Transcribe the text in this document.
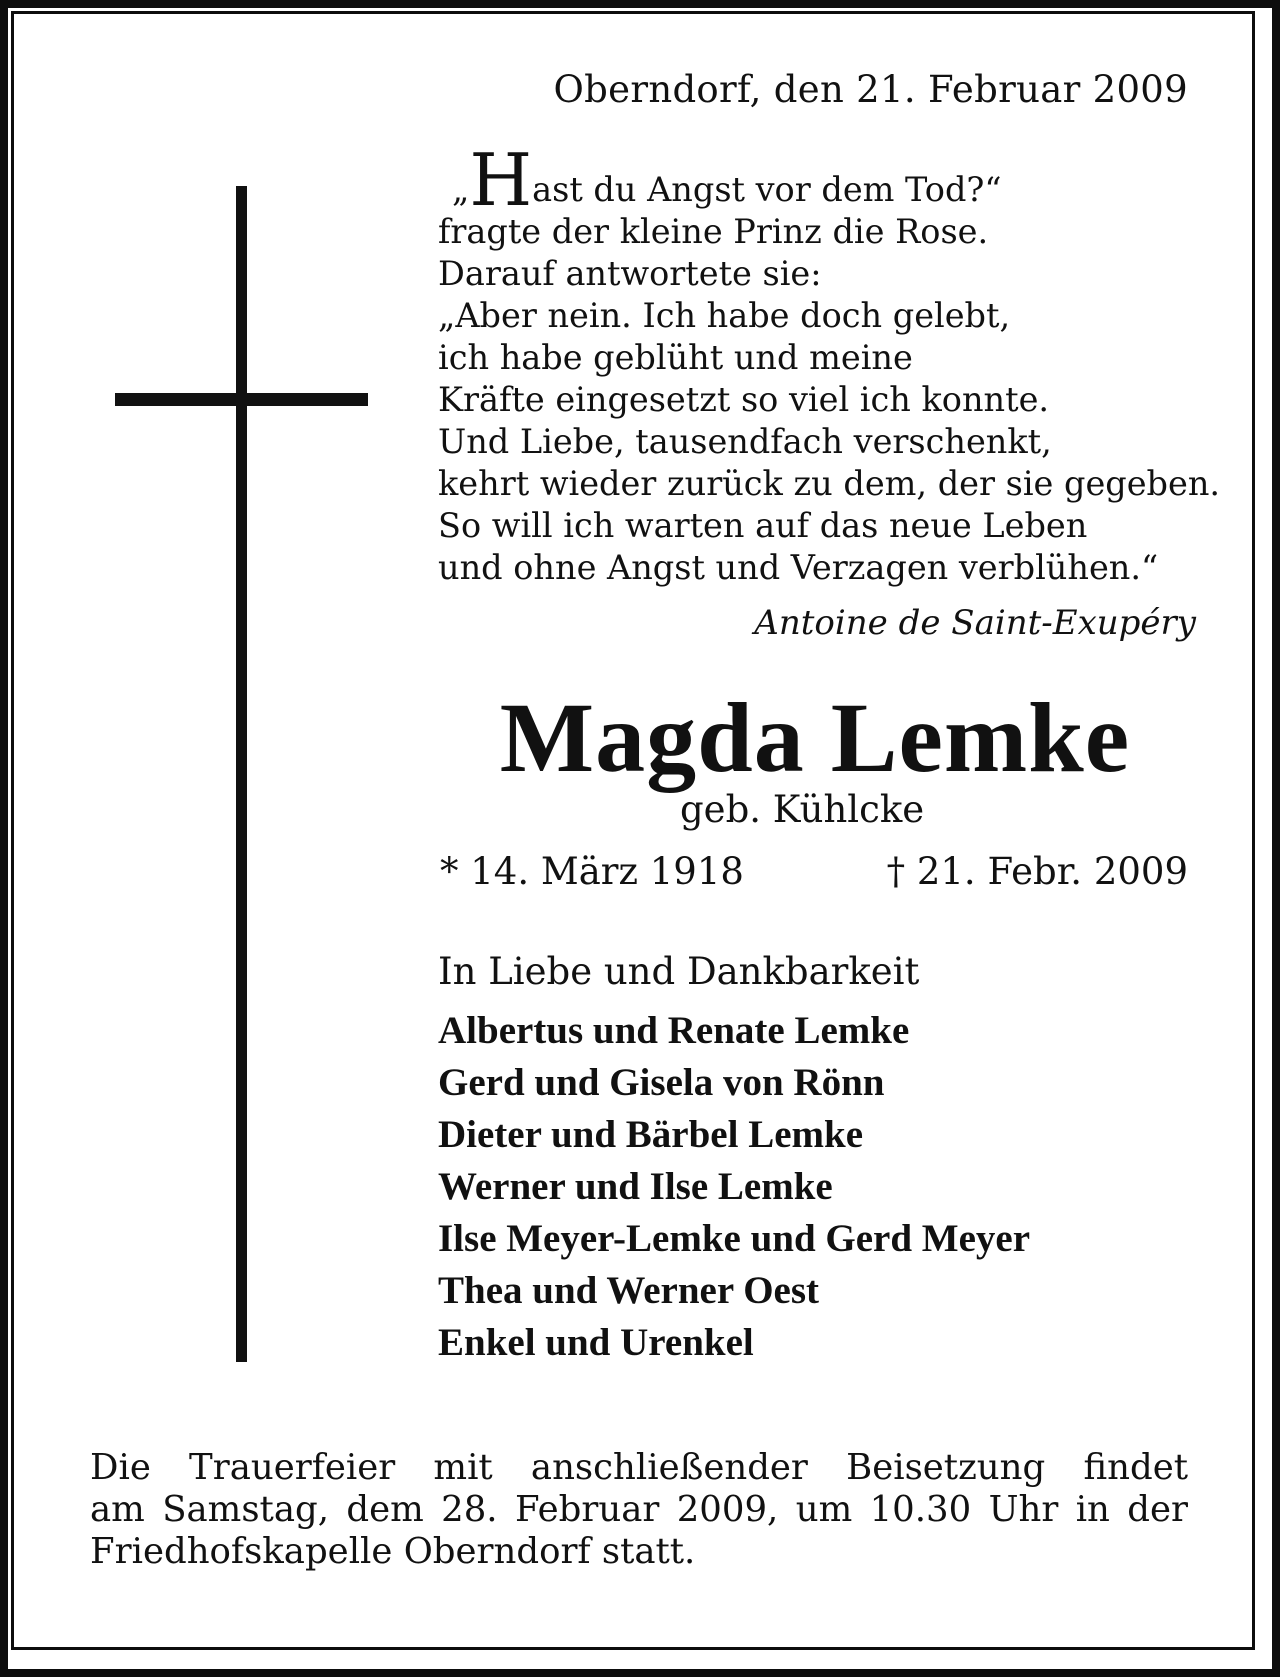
Oberndorf, den 21. Februar 2009
„Hast du Angst vor dem Tod?“
fragte der kleine Prinz die Rose.
Darauf antwortete sie:
„Aber nein. Ich habe doch gelebt,
ich habe geblüht und meine
Kräfte eingesetzt so viel ich konnte.
Und Liebe, tausendfach verschenkt,
kehrt wieder zurück zu dem, der sie gegeben.
So will ich warten auf das neue Leben
und ohne Angst und Verzagen verblühen.“
Antoine de Saint-Exupéry
Magda Lemke
geb. Kühlcke
* 14. März 1918	† 21. Febr. 2009
In Liebe und Dankbarkeit
Albertus und Renate Lemke
Gerd und Gisela von Rönn
Dieter und Bärbel Lemke
Werner und Ilse Lemke
Ilse Meyer-Lemke und Gerd Meyer
Thea und Werner Oest
Enkel und Urenkel
Die Trauerfeier mit anschließender Beisetzung findet
am Samstag, dem 28. Februar 2009, um 10.30 Uhr in der
Friedhofskapelle Oberndorf statt.
